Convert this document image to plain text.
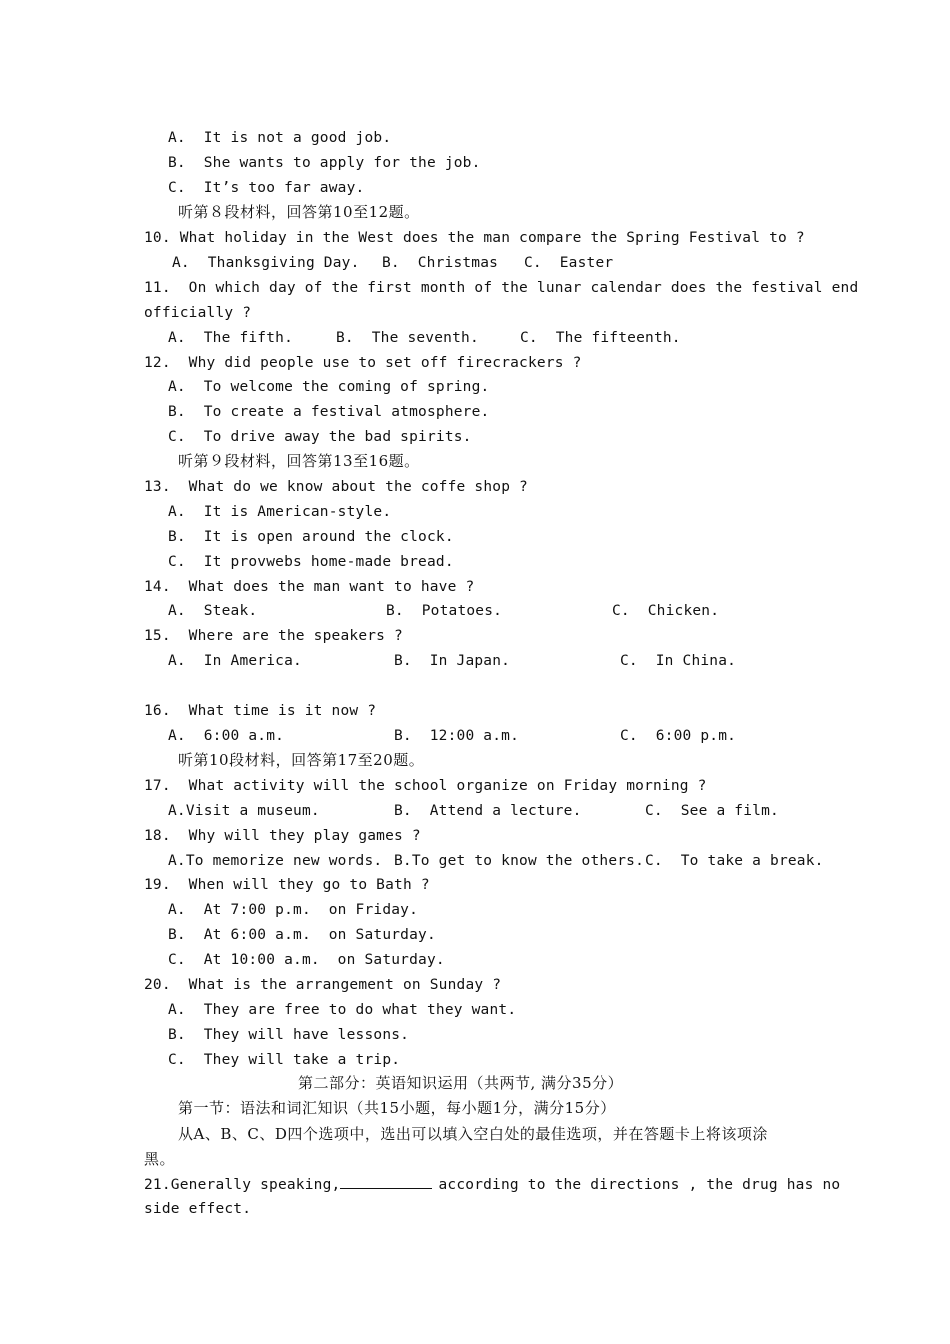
A.  It is not a good job.
B.  She wants to apply for the job.
C.  It’s too far away.
听第８段材料，回答第10至12题。
10. What holiday in the West does the man compare the Spring Festival to ?
A.  Thanksgiving Day. B.  Christmas C.  Easter
11.  On which day of the first month of the lunar calendar does the festival end
officially ?
A.  The fifth.	B.  The seventh.	C.  The fifteenth.
12.  Why did people use to set off firecrackers ?
A.  To welcome the coming of spring.
B.  To create a festival atmosphere.
C.  To drive away the bad spirits.
听第９段材料，回答第13至16题。
13.  What do we know about the coffe shop ?
A.  It is American-style.
B.  It is open around the clock.
C.  It provwebs home-made bread.
14.  What does the man want to have ?
A.  Steak.	B.  Potatoes.	C.  Chicken.
15.  Where are the speakers ?
A.  In America.	B.  In Japan.	C.  In China.
16.  What time is it now ?
A.  6:00 a.m.	B.  12:00 a.m.	C.  6:00 p.m.
听第10段材料，回答第17至20题。
17.  What activity will the school organize on Friday morning ?
A.Visit a museum.	B.  Attend a lecture.	C.  See a film.
18.  Why will they play games ?
A.To memorize new words. B.To get to know the others. C.  To take a break.
19.  When will they go to Bath ?
A.  At 7:00 p.m.  on Friday.
B.  At 6:00 a.m.  on Saturday.
C.  At 10:00 a.m.  on Saturday.
20.  What is the arrangement on Sunday ?
A.  They are free to do what they want.
B.  They will have lessons.
C.  They will take a trip.
第二部分：英语知识运用（共两节, 满分35分）
第一节：语法和词汇知识（共15小题，每小题1分，满分15分）
从A、B、C、D四个选项中，选出可以填入空白处的最佳选项，并在答题卡上将该项涂
黑。
21.Generally speaking,	according to the directions , the drug has no
side effect.
